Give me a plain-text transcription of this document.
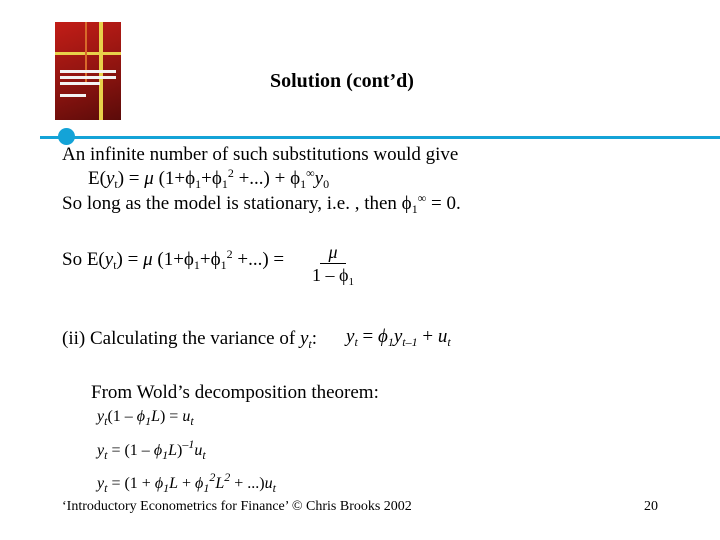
Solution (cont’d)
An infinite number of such substitutions would give
$E(y_t) = \mu$ ($1+\phi_1+\phi_1^2$ +...) + $\phi_1^\infty y_0$
So long as the model is stationary, i.e. , then $\phi_1^\infty = 0$.
So $E(y_t) = \mu$ ($1+\phi_1+\phi_1^2$ +...) = $\frac{\mu}{1 - \phi_1}$
(ii) Calculating the variance of $y_t$: $y_t = \phi_1y_{t-1} + u_t$
From Wold’s decomposition theorem:
$y_t(1 - \phi_1L) = u_t$
$y_t = (1 - \phi_1L)^{-1}u_t$
$y_t = (1 + \phi_1L + \phi_1^2L^2 + ...)u_t$
‘Introductory Econometrics for Finance’ © Chris Brooks 2002	20
